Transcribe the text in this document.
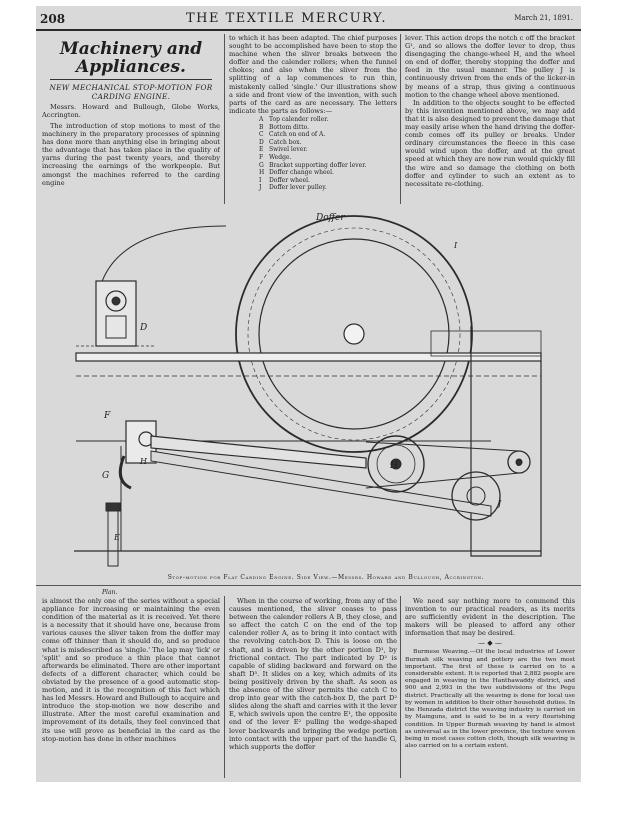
208	THE TEXTILE MERCURY.	March 21, 1891.
Machinery and Appliances.
NEW MECHANICAL STOP-MOTION FOR CARDING ENGINE.
Messrs. Howard and Bullough, Globe Works, Accrington.

The introduction of stop motions to most of the machinery in the preparatory processes of spinning has done more than anything else in bringing about the advantage that has taken place in the quality of yarns during the past twenty years, and thereby increasing the earnings of the workpeople. But amongst the machines referred to the carding engine

to which it has been adapted. The chief purposes sought to be accomplished have been to stop the machine when the sliver breaks between the doffer and the calender rollers; when the funnel chokes; and also when the sliver from the splitting of a lap commences to run thin, mistakenly called 'single.' Our illustrations show a side and front view of the invention, with such parts of the card as are necessary. The letters indicate the parts as follows:—

A Top calender roller.
B Bottom ditto.
C Catch on end of A.
D Catch box.
E Swivel lever.
F Wedge.
G Bracket supporting doffer lever.
H Doffer change wheel.
I	Doffer wheel.
J	Doffer lever pulley.

lever. This action drops the notch c off the bracket G¹, and so allows the doffer lever to drop, thus disengaging the change-wheel H, and the wheel on end of doffer, thereby stopping the doffer and feed in the usual manner. The pulley J is continuously driven from the ends of the licker-in by means of a strap, thus giving a continuous motion to the change wheel above mentioned.

In addition to the objects sought to be effected by this invention mentioned above, we may add that it is also designed to prevent the damage that may easily arise when the hand driving the doffer-comb comes off its pulley or breaks. Under ordinary circumstances the fleece in this case would wind upon the doffer, and at the great speed at which they are now run would quickly fill the wire and so damage the clothing on both doffer and cylinder to such an extent as to necessitate re-clothing.

Doffer
I
D
F
G
E
H	H	O
J
Stop-motion for Flat Carding Engine. Side View.—Messrs. Howard and Bullough, Accrington.
Plan.

is almost the only one of the series without a special appliance for increasing or maintaining the even condition of the material as it is received. Yet there is a necessity that it should have one, because from various causes the sliver taken from the doffer may come off thinner than it should do, and so produce what is misdescribed as 'single.' The lap may 'lick' or 'split' and so produce a thin place that cannot afterwards be eliminated. There are other important defects of a different character, which could be obviated by the presence of a good automatic stop-motion, and it is the recognition of this fact which has led Messrs. Howard and Bullough to acquire and introduce the stop-motion we now describe and illustrate. After the most careful examination and improvement of its details, they feel convinced that its use will prove as beneficial in the card as the stop-motion has done in other machines

When in the course of working, from any of the causes mentioned, the sliver ceases to pass between the calender rollers A B, they close, and so affect the catch C on the end of the top calender roller A, as to bring it into contact with the revolving catch-box D. This is loose on the shaft, and is driven by the other portion D¹, by frictional contact. The part indicated by D² is capable of sliding backward and forward on the shaft D³. It slides on a key, which admits of its being positively driven by the shaft. As soon as the absence of the sliver permits the catch C to drop into gear with the catch-box D, the part D² slides along the shaft and carries with it the lever E, which swivels upon the centre E¹, the opposite end of the lever E² pulling the wedge-shaped lever backwards and bringing the wedge portion into contact with the upper part of the handle G, which supports the doffer

We need say nothing more to commend this invention to our practical readers, as its merits are sufficiently evident in the description. The makers will be pleased to afford any other information that may be desired.

— ◆ —

Burmese Weaving.—Of the local industries of Lower Burmah silk weaving and pottery are the two most important. The first of these is carried on to a considerable extent. It is reported that 2,882 people are engaged in weaving in the Hanthawaddy district, and 900 and 2,993 in the two subdivisions of the Pegu district. Practically all the weaving is done for local use by women in addition to their other household duties. In the Henzada district the weaving industry is carried on by Mainguns, and is said to be in a very flourishing condition. In Upper Burmah weaving by hand is almost as universal as in the lower province, the texture woven being in most cases cotton cloth, though silk weaving is also carried on to a certain extent.
